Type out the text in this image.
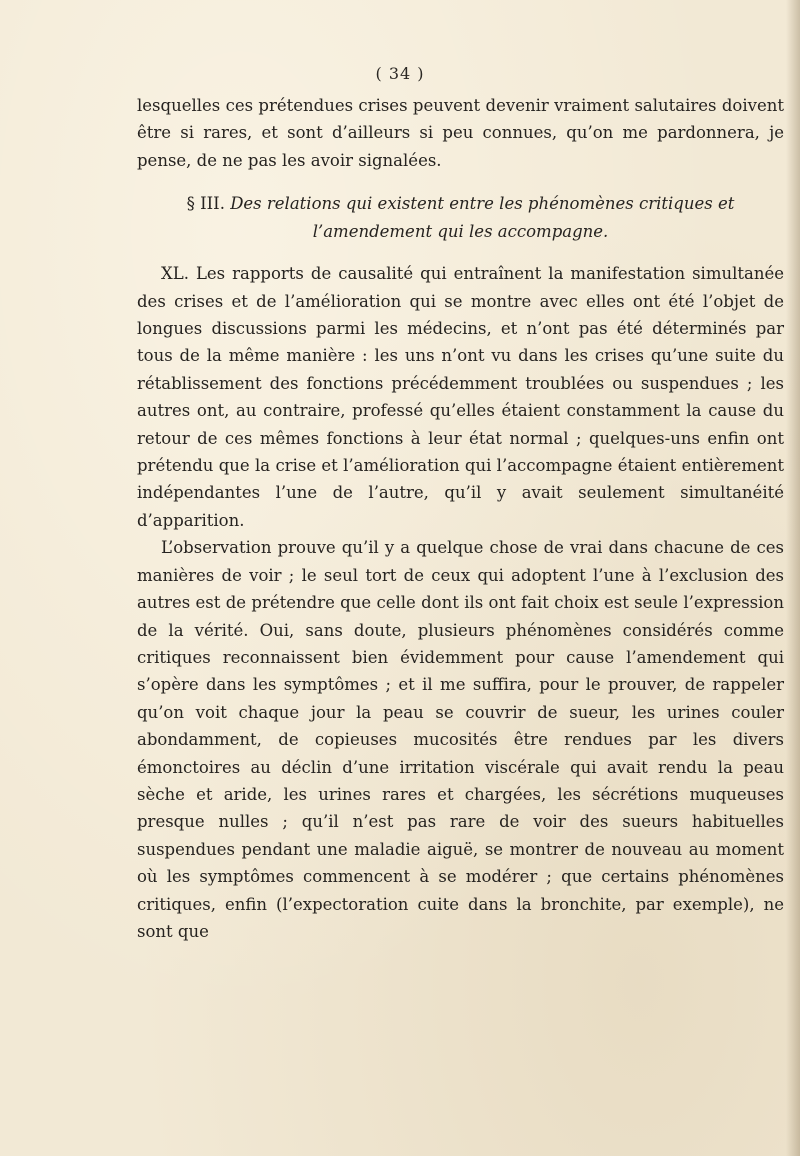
( 34 )

lesquelles ces prétendues crises peuvent devenir vraiment salutaires doivent être si rares, et sont d’ailleurs si peu connues, qu’on me pardonnera, je pense, de ne pas les avoir signalées.

§ III. Des relations qui existent entre les phénomènes critiques et l’amendement qui les accompagne.

XL. Les rapports de causalité qui entraînent la manifestation simultanée des crises et de l’amélioration qui se montre avec elles ont été l’objet de longues discussions parmi les médecins, et n’ont pas été déterminés par tous de la même manière : les uns n’ont vu dans les crises qu’une suite du rétablissement des fonctions précédemment troublées ou suspendues ; les autres ont, au contraire, professé qu’elles étaient constamment la cause du retour de ces mêmes fonctions à leur état normal ; quelques-uns enfin ont prétendu que la crise et l’amélioration qui l’accompagne étaient entièrement indépendantes l’une de l’autre, qu’il y avait seulement simultanéité d’apparition.

L’observation prouve qu’il y a quelque chose de vrai dans chacune de ces manières de voir ; le seul tort de ceux qui adoptent l’une à l’exclusion des autres est de prétendre que celle dont ils ont fait choix est seule l’expression de la vérité. Oui, sans doute, plusieurs phénomènes considérés comme critiques reconnaissent bien évidemment pour cause l’amendement qui s’opère dans les symptômes ; et il me suffira, pour le prouver, de rappeler qu’on voit chaque jour la peau se couvrir de sueur, les urines couler abondamment, de copieuses mucosités être rendues par les divers émonctoires au déclin d’une irritation viscérale qui avait rendu la peau sèche et aride, les urines rares et chargées, les sécrétions muqueuses presque nulles ; qu’il n’est pas rare de voir des sueurs habituelles suspendues pendant une maladie aiguë, se montrer de nouveau au moment où les symptômes commencent à se modérer ; que certains phénomènes critiques, enfin (l’expectoration cuite dans la bronchite, par exemple), ne sont que
